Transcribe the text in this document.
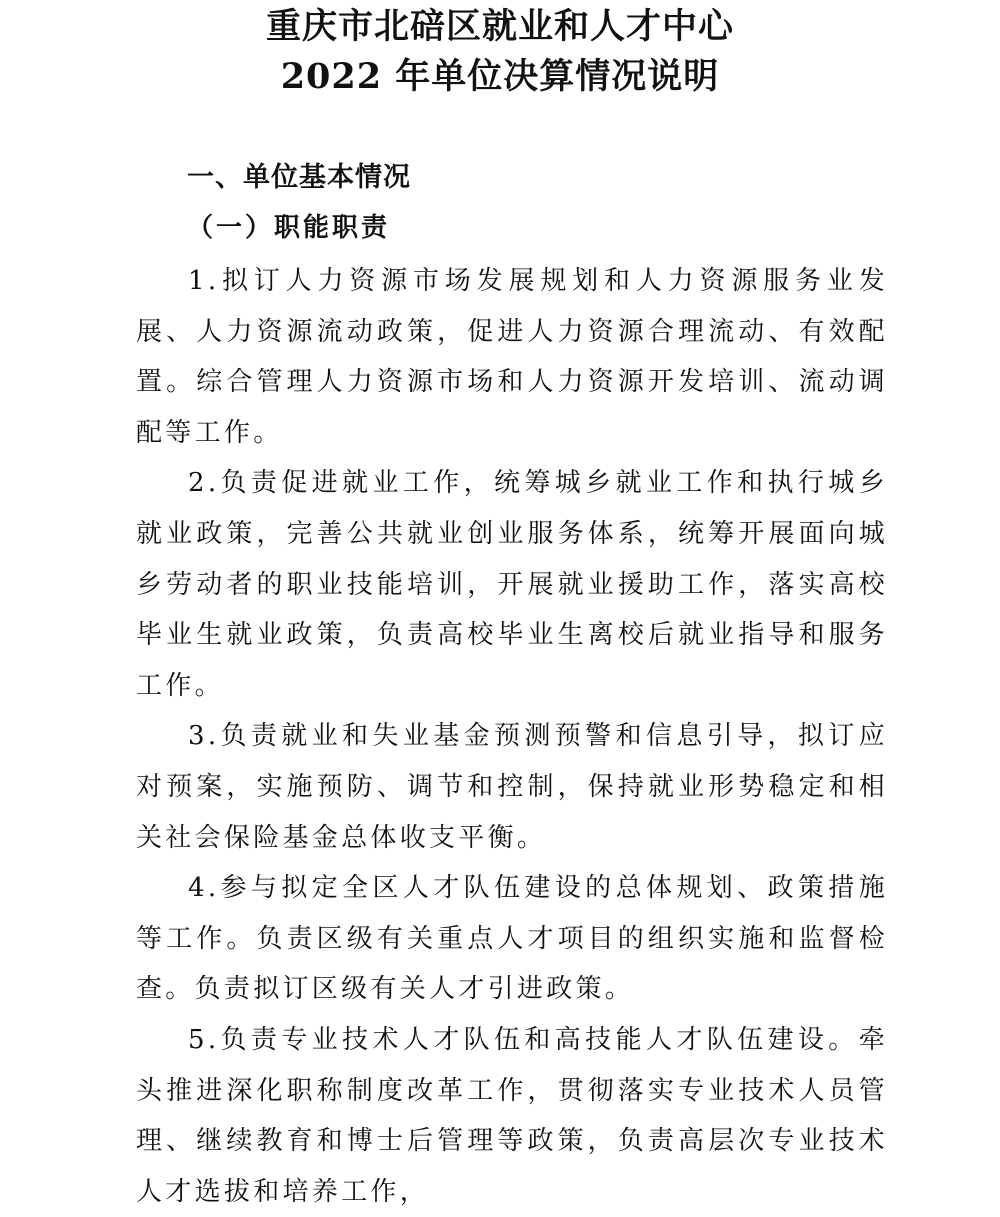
重庆市北碚区就业和人才中心
2022 年单位决算情况说明
一、单位基本情况
（一）职能职责

1.拟订人力资源市场发展规划和人力资源服务业发展、人力资源流动政策，促进人力资源合理流动、有效配置。综合管理人力资源市场和人力资源开发培训、流动调配等工作。

2.负责促进就业工作，统筹城乡就业工作和执行城乡就业政策，完善公共就业创业服务体系，统筹开展面向城乡劳动者的职业技能培训，开展就业援助工作，落实高校毕业生就业政策，负责高校毕业生离校后就业指导和服务工作。

3.负责就业和失业基金预测预警和信息引导，拟订应对预案，实施预防、调节和控制，保持就业形势稳定和相关社会保险基金总体收支平衡。

4.参与拟定全区人才队伍建设的总体规划、政策措施等工作。负责区级有关重点人才项目的组织实施和监督检查。负责拟订区级有关人才引进政策。

5.负责专业技术人才队伍和高技能人才队伍建设。牵头推进深化职称制度改革工作，贯彻落实专业技术人员管理、继续教育和博士后管理等政策，负责高层次专业技术人才选拔和培养工作，
